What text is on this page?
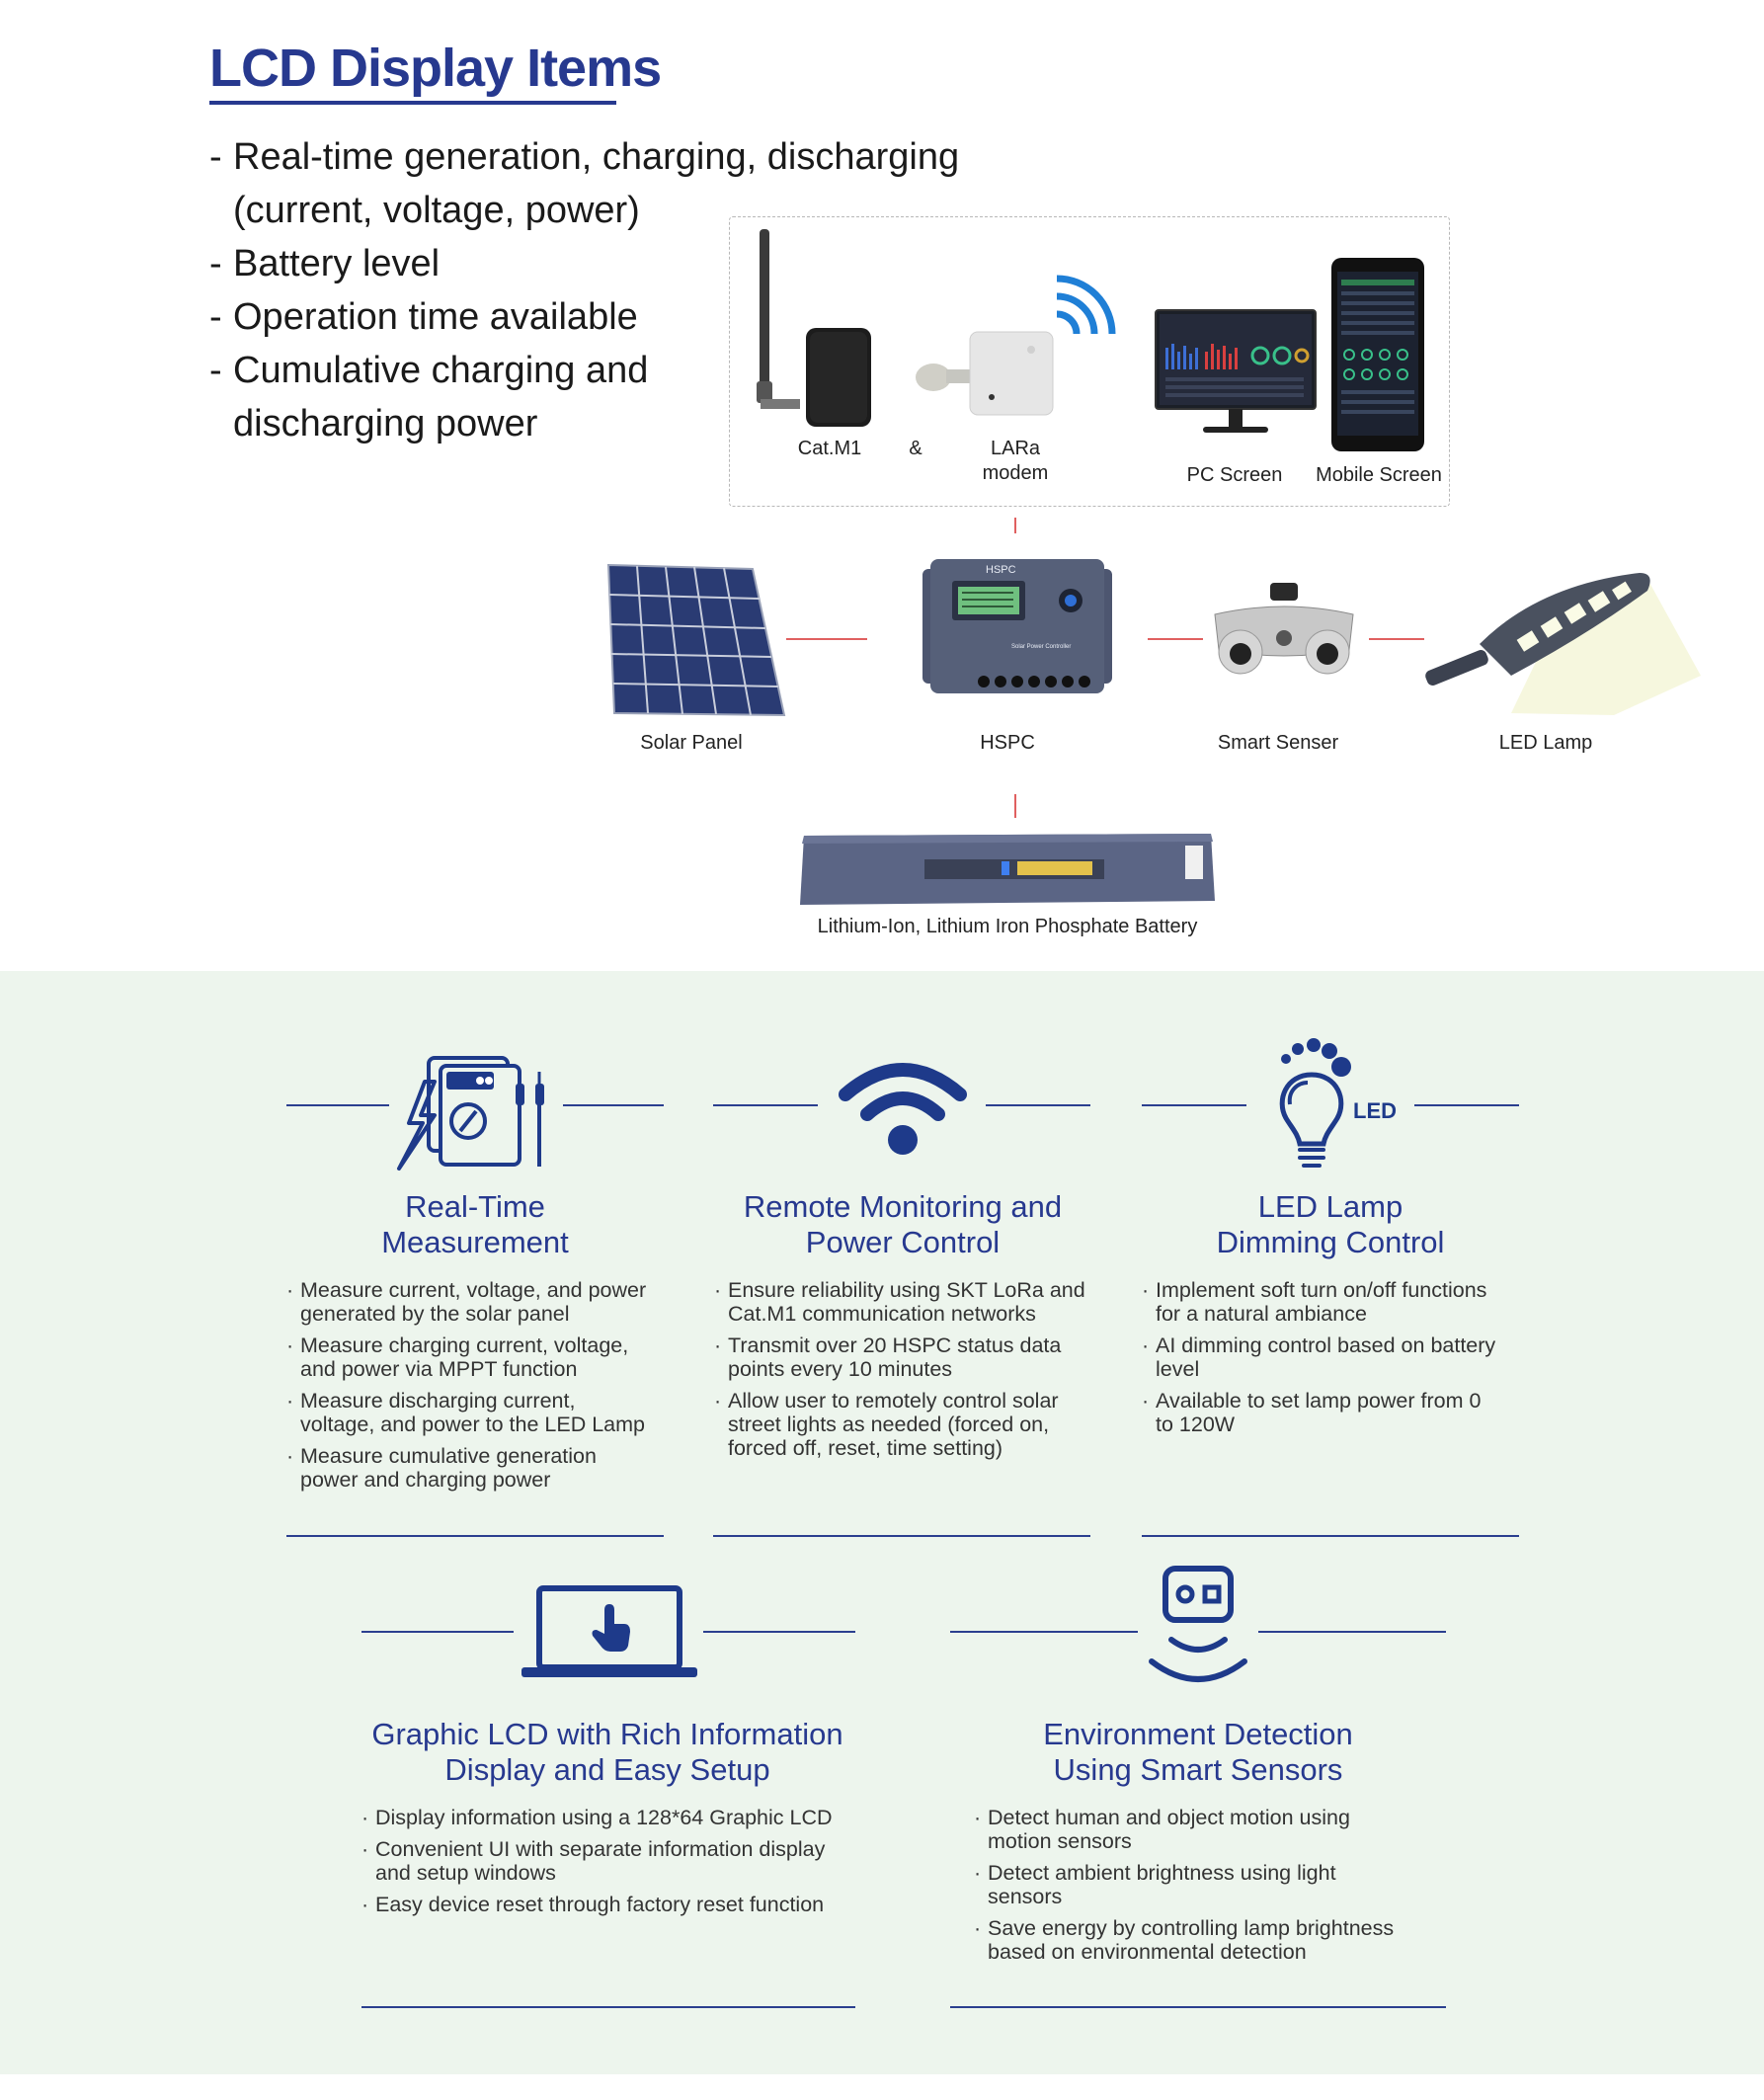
LCD Display Items
- Real-time generation, charging, discharging
(current, voltage, power)
- Battery level
- Operation time available
- Cumulative charging and
discharging power
Cat.M1	&	LARa
modem	PC Screen	Mobile Screen
Solar Panel
HSPC
Solar Power Controller
HSPC	Smart Senser	LED Lamp
Lithium-Ion, Lithium Iron Phosphate Battery
Real-Time
Measurement
· Measure current, voltage, and power
generated by the solar panel
· Measure charging current, voltage,
and power via MPPT function
· Measure discharging current,
voltage, and power to the LED Lamp
· Measure cumulative generation
power and charging power
Remote Monitoring and
Power Control
· Ensure reliability using SKT LoRa and
Cat.M1 communication networks
· Transmit over 20 HSPC status data
points every 10 minutes
· Allow user to remotely control solar
street lights as needed (forced on,
forced off, reset, time setting)
LED
LED Lamp
Dimming Control
· Implement soft turn on/off functions
for a natural ambiance
· AI dimming control based on battery
level
· Available to set lamp power from 0
to 120W
Graphic LCD with Rich Information
Display and Easy Setup
· Display information using a 128*64 Graphic LCD
· Convenient UI with separate information display
and setup windows
· Easy device reset through factory reset function
Environment Detection
Using Smart Sensors
· Detect human and object motion using
motion sensors
· Detect ambient brightness using light
sensors
· Save energy by controlling lamp brightness
based on environmental detection
